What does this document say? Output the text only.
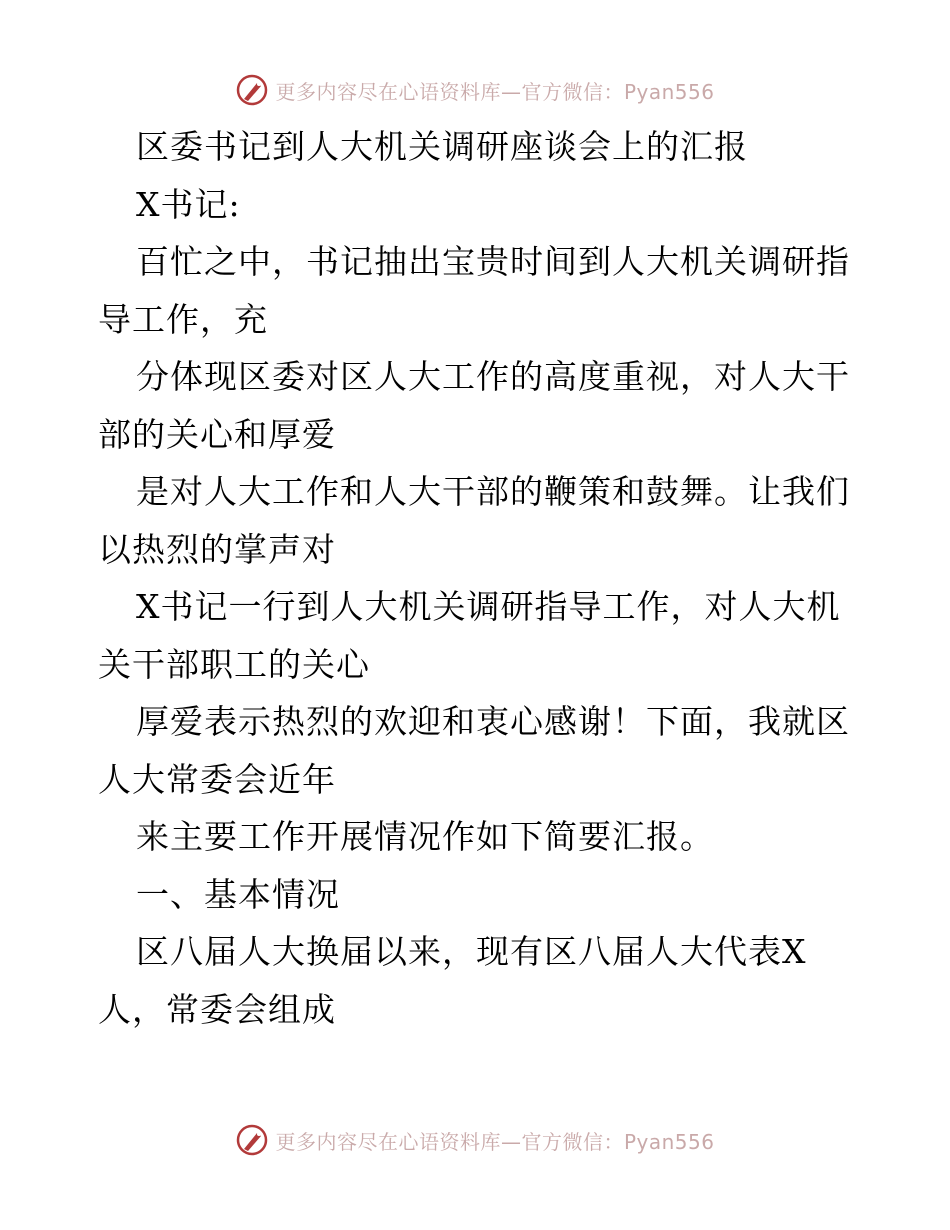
更多内容尽在心语资料库—官方微信：Pyan556
区委书记到人大机关调研座谈会上的汇报
X书记:
百忙之中，书记抽出宝贵时间到人大机关调研指
导工作，充
分体现区委对区人大工作的高度重视，对人大干
部的关心和厚爱
是对人大工作和人大干部的鞭策和鼓舞。让我们
以热烈的掌声对
X书记一行到人大机关调研指导工作，对人大机
关干部职工的关心
厚爱表示热烈的欢迎和衷心感谢！下面，我就区
人大常委会近年
来主要工作开展情况作如下简要汇报。
一、基本情况
区八届人大换届以来，现有区八届人大代表X
人，常委会组成
更多内容尽在心语资料库—官方微信：Pyan556
